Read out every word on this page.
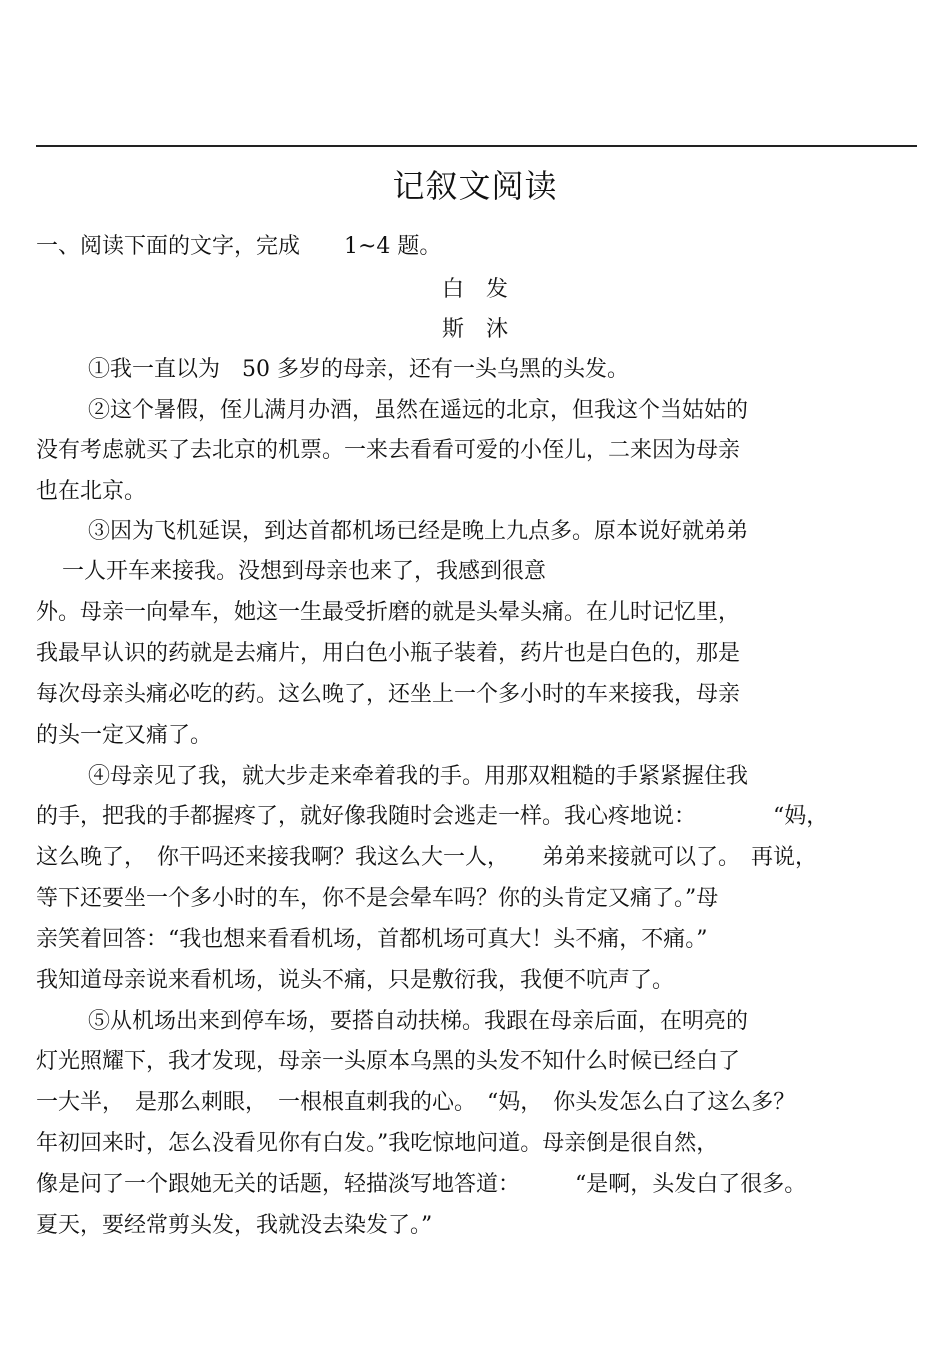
记叙文阅读
一、阅读下面的文字，完成　　1~4 题。
白　发
斯　沐
①我一直以为　50 多岁的母亲，还有一头乌黑的头发。
②这个暑假，侄儿满月办酒，虽然在遥远的北京，但我这个当姑姑的
没有考虑就买了去北京的机票。一来去看看可爱的小侄儿，二来因为母亲
也在北京。
③因为飞机延误，到达首都机场已经是晚上九点多。原本说好就弟弟
一人开车来接我。没想到母亲也来了，我感到很意
外。母亲一向晕车，她这一生最受折磨的就是头晕头痛。在儿时记忆里，
我最早认识的药就是去痛片，用白色小瓶子装着，药片也是白色的，那是
每次母亲头痛必吃的药。这么晚了，还坐上一个多小时的车来接我，母亲
的头一定又痛了。
④母亲见了我，就大步走来牵着我的手。用那双粗糙的手紧紧握住我
的手，把我的手都握疼了，就好像我随时会逃走一样。我心疼地说：　　　　“妈，
这么晚了，　你干吗还来接我啊？我这么大一人，　　弟弟来接就可以了。　再说，
等下还要坐一个多小时的车，你不是会晕车吗？你的头肯定又痛了。”母
亲笑着回答：“我也想来看看机场，首都机场可真大！头不痛，不痛。”
我知道母亲说来看机场，说头不痛，只是敷衍我，我便不吭声了。
⑤从机场出来到停车场，要搭自动扶梯。我跟在母亲后面，在明亮的
灯光照耀下，我才发现，母亲一头原本乌黑的头发不知什么时候已经白了
一大半，　是那么刺眼，　一根根直刺我的心。　“妈，　你头发怎么白了这么多？
年初回来时，怎么没看见你有白发。”我吃惊地问道。母亲倒是很自然，
像是问了一个跟她无关的话题，轻描淡写地答道：　　　“是啊，头发白了很多。
夏天，要经常剪头发，我就没去染发了。”
